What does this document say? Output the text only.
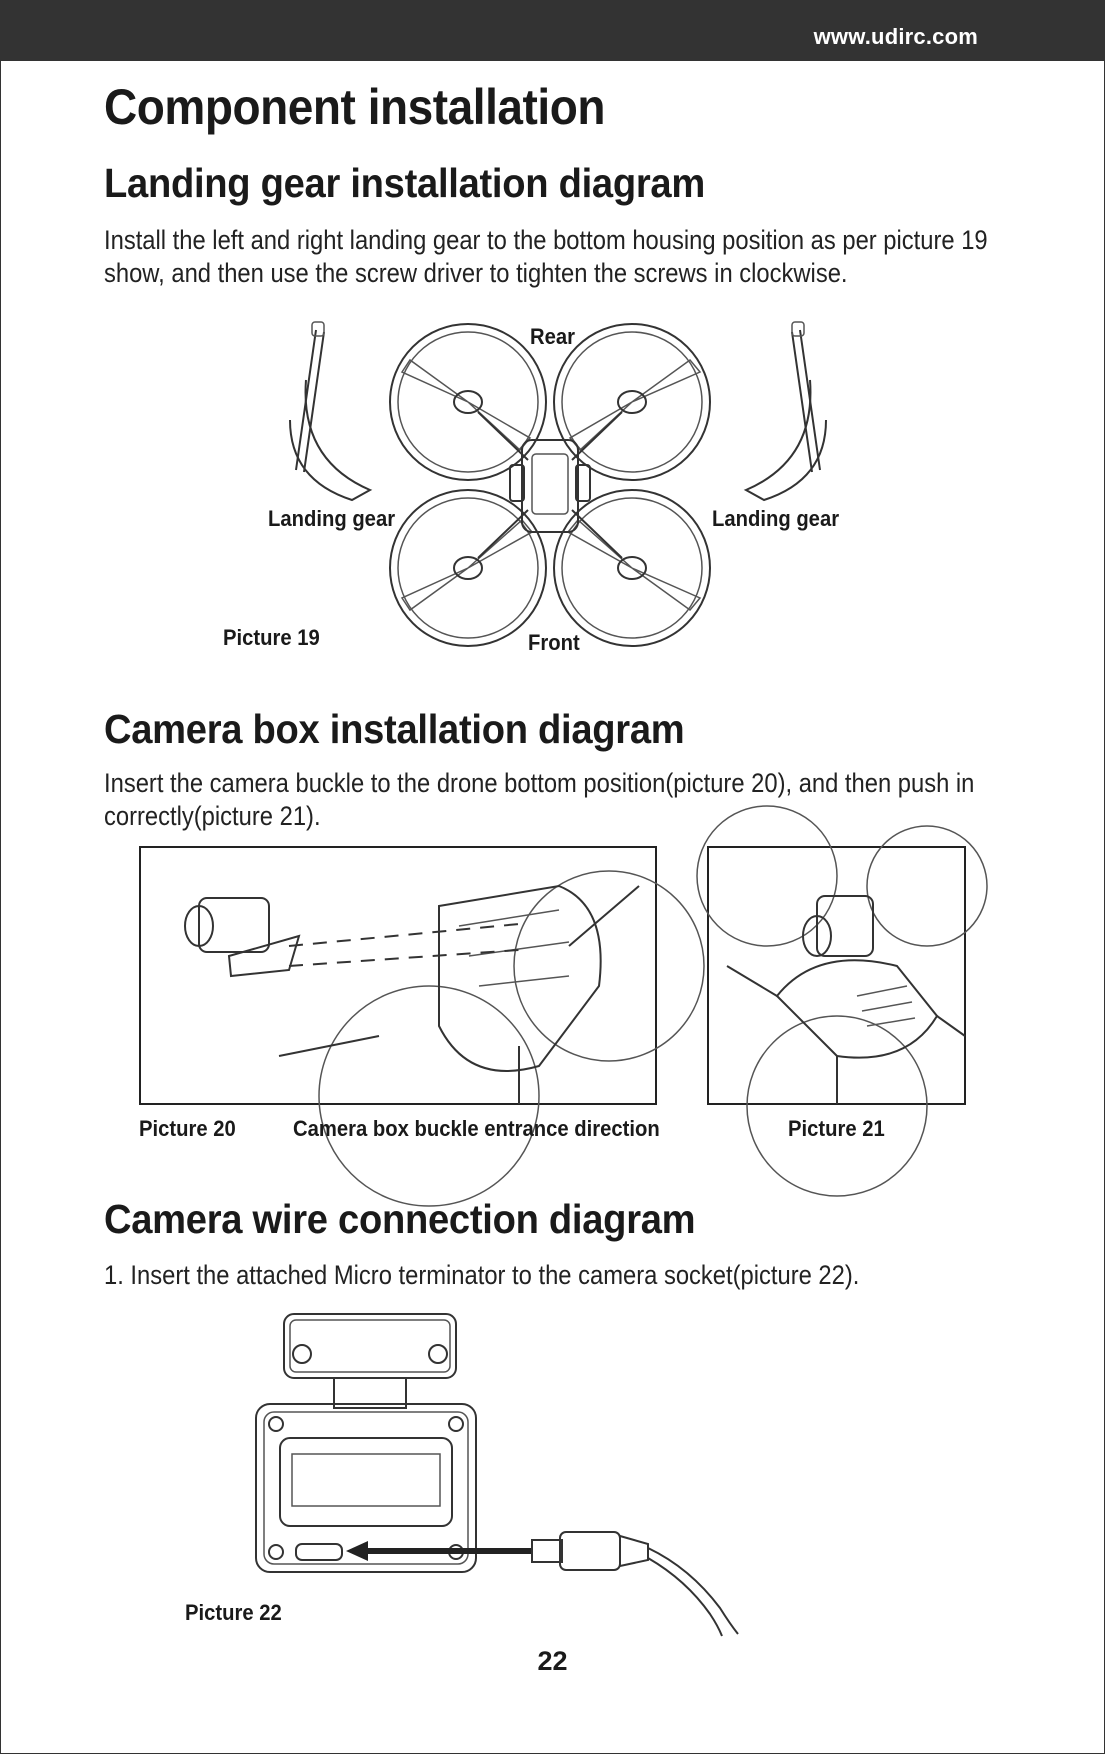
www.udirc.com
Component installation
Landing gear installation diagram

Install the left and right landing gear to the bottom housing position as per picture 19 show, and then use the screw driver to tighten the screws in clockwise.

Rear
Landing gear	Landing gear
Picture 19	Front
Camera box installation diagram

Insert the camera buckle to the drone bottom position(picture 20), and then push in correctly(picture 21).

Picture 20	Camera box buckle entrance direction	Picture 21
Camera wire connection diagram

1. Insert the attached Micro terminator to the camera socket(picture 22).

Picture 22
22
